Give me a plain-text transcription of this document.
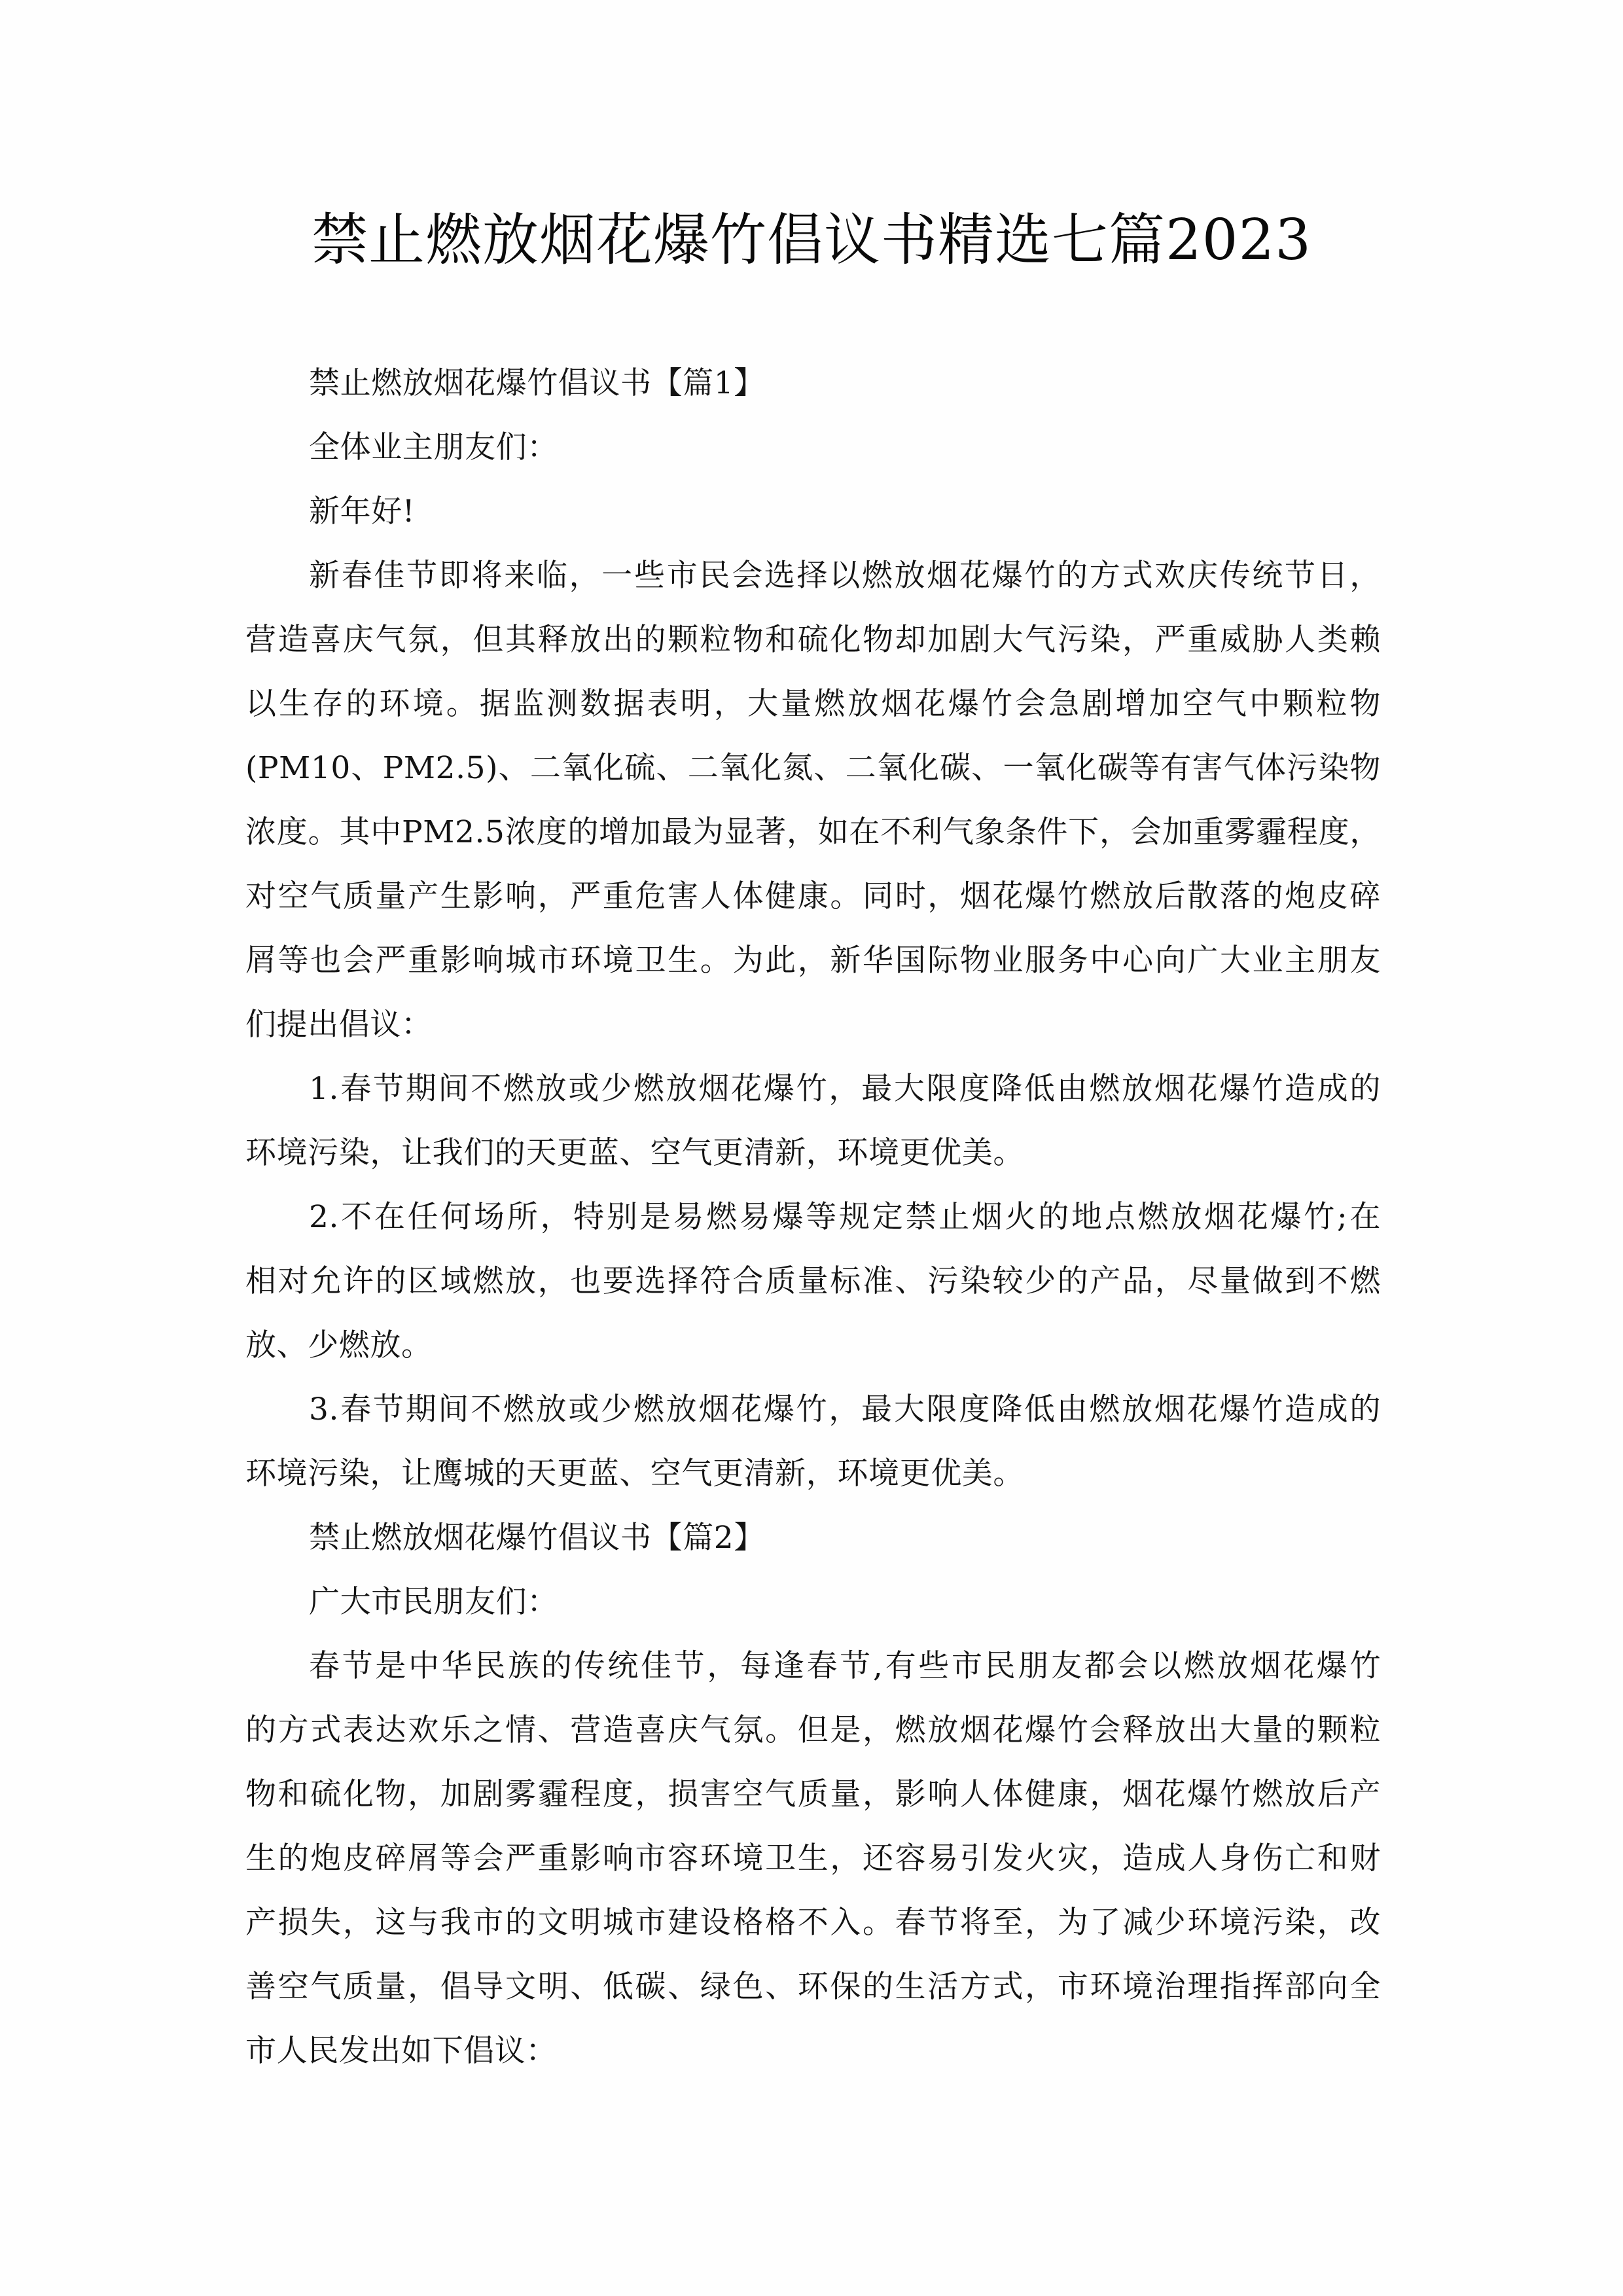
禁止燃放烟花爆竹倡议书精选七篇2023

禁止燃放烟花爆竹倡议书【篇1】

全体业主朋友们：

新年好!

新春佳节即将来临，一些市民会选择以燃放烟花爆竹的方式欢庆传统节日，
营造喜庆气氛，但其释放出的颗粒物和硫化物却加剧大气污染，严重威胁人类赖
以生存的环境。据监测数据表明，大量燃放烟花爆竹会急剧增加空气中颗粒物
(PM10、PM2.5)、二氧化硫、二氧化氮、二氧化碳、一氧化碳等有害气体污染物
浓度。其中PM2.5浓度的增加最为显著，如在不利气象条件下，会加重雾霾程度，
对空气质量产生影响，严重危害人体健康。同时，烟花爆竹燃放后散落的炮皮碎
屑等也会严重影响城市环境卫生。为此，新华国际物业服务中心向广大业主朋友
们提出倡议：
1.春节期间不燃放或少燃放烟花爆竹，最大限度降低由燃放烟花爆竹造成的
环境污染，让我们的天更蓝、空气更清新，环境更优美。
2.不在任何场所，特别是易燃易爆等规定禁止烟火的地点燃放烟花爆竹;在
相对允许的区域燃放，也要选择符合质量标准、污染较少的产品，尽量做到不燃
放、少燃放。
3.春节期间不燃放或少燃放烟花爆竹，最大限度降低由燃放烟花爆竹造成的
环境污染，让鹰城的天更蓝、空气更清新，环境更优美。

禁止燃放烟花爆竹倡议书【篇2】

广大市民朋友们：

春节是中华民族的传统佳节，每逢春节,有些市民朋友都会以燃放烟花爆竹
的方式表达欢乐之情、营造喜庆气氛。但是，燃放烟花爆竹会释放出大量的颗粒
物和硫化物，加剧雾霾程度，损害空气质量，影响人体健康，烟花爆竹燃放后产
生的炮皮碎屑等会严重影响市容环境卫生，还容易引发火灾，造成人身伤亡和财
产损失，这与我市的文明城市建设格格不入。春节将至，为了减少环境污染，改
善空气质量，倡导文明、低碳、绿色、环保的生活方式，市环境治理指挥部向全
市人民发出如下倡议：
